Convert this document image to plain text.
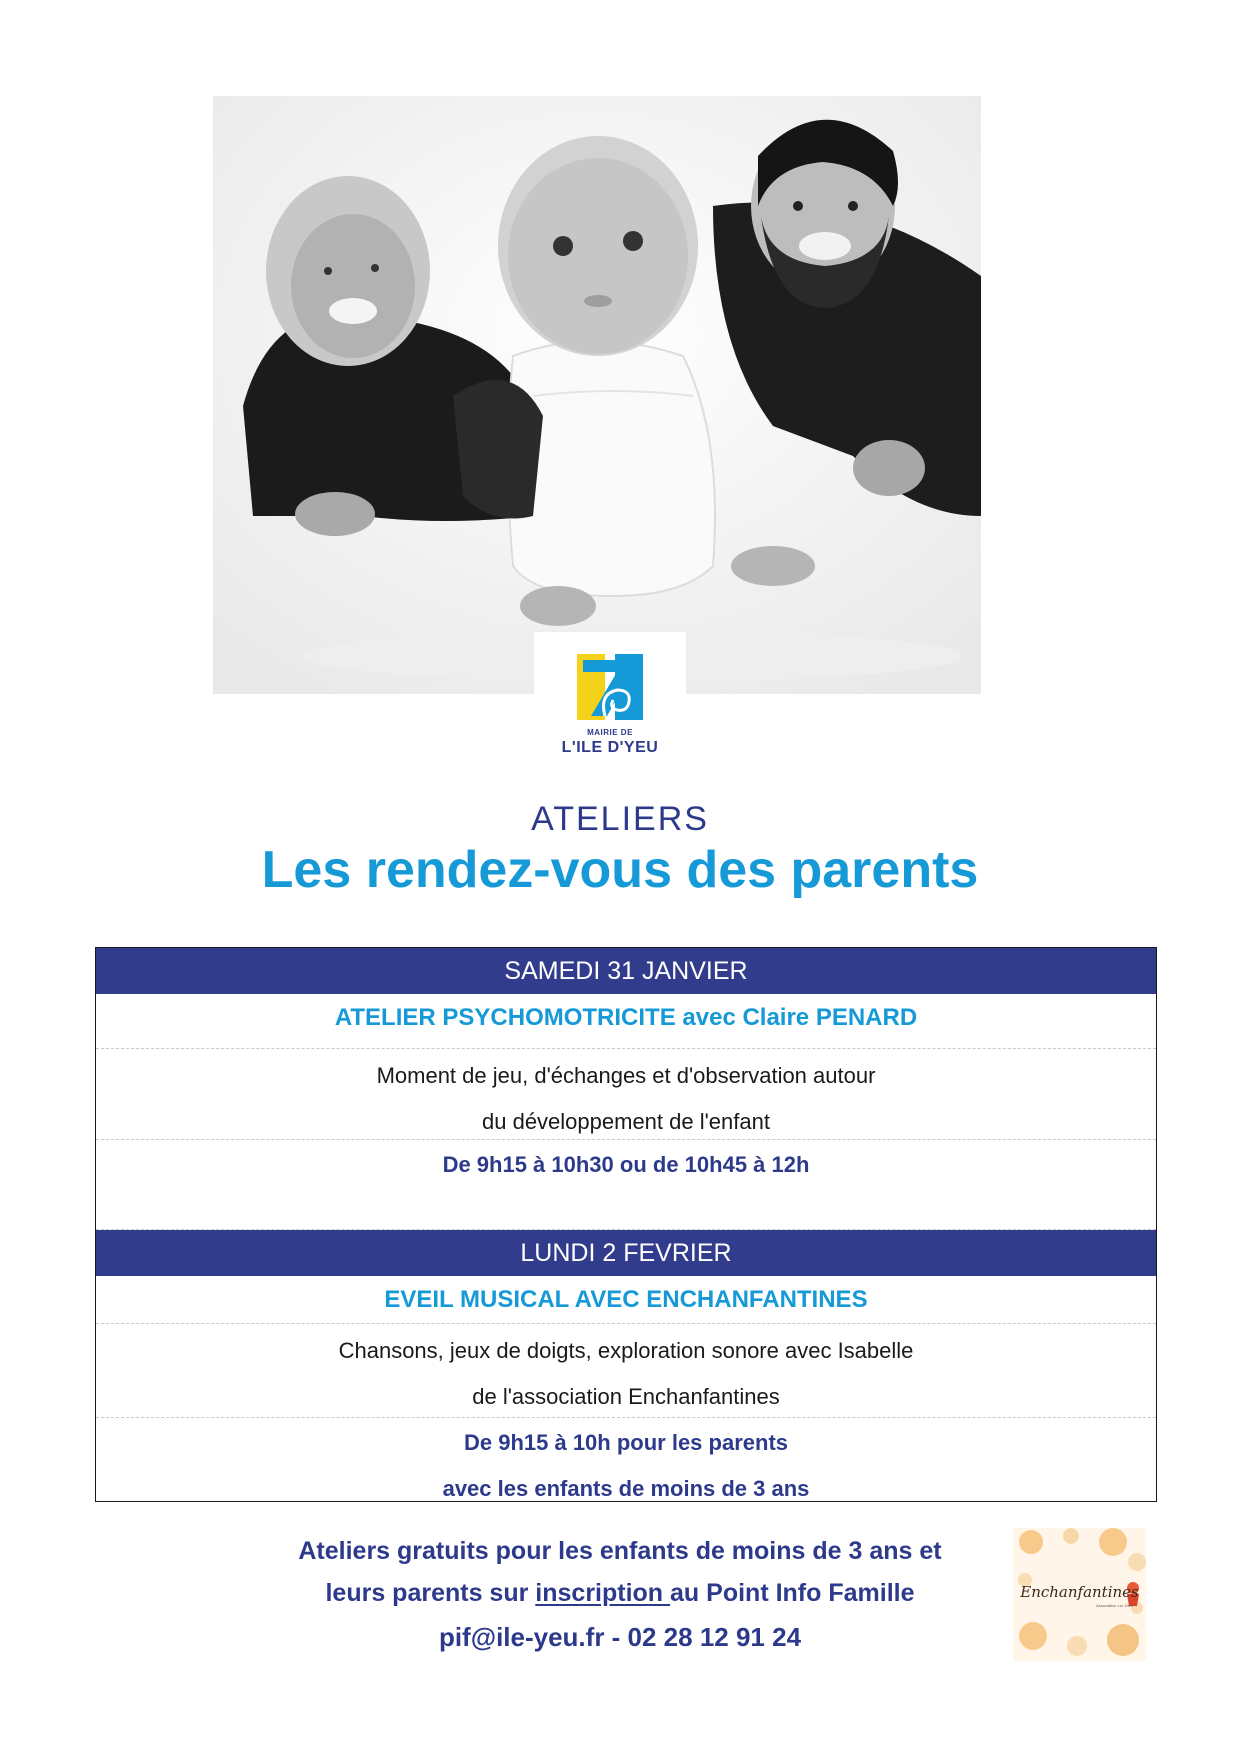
MAIRIE DE
L'ILE D'YEU
ATELIERS
Les rendez-vous des parents
SAMEDI 31 JANVIER
ATELIER PSYCHOMOTRICITE avec Claire PENARD
Moment de jeu, d'échanges et d'observation autour
du développement de l'enfant
De 9h15 à 10h30 ou de 10h45 à 12h
LUNDI 2 FEVRIER
EVEIL MUSICAL AVEC ENCHANFANTINES
Chansons, jeux de doigts, exploration sonore avec Isabelle
de l'association Enchanfantines
De 9h15 à 10h pour les parents
avec les enfants de moins de 3 ans
Ateliers gratuits pour les enfants de moins de 3 ans et
leurs parents sur inscription au Point Info Famille
pif@ile-yeu.fr - 02 28 12 91 24
Enchanfantines
Association Loi 1901
